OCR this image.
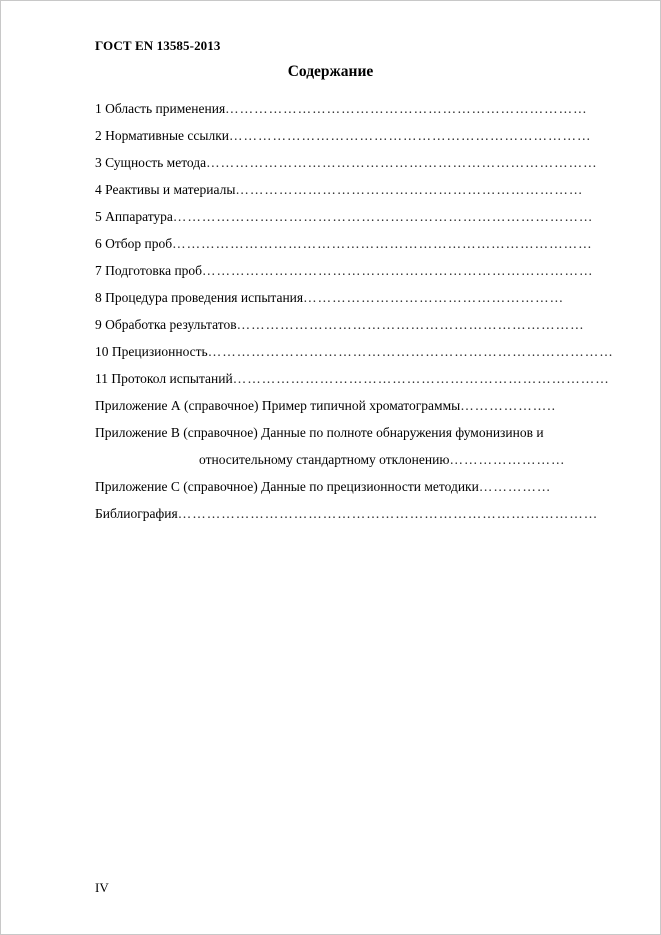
ГОСТ EN 13585-2013
Содержание
1 Область применения…………………………………………………………………
2 Нормативные ссылки…………………………………………………………………
3 Сущность метода………………………………………………………………………
4 Реактивы и материалы………………………………………………………………
5 Аппаратура……………………………………………………………………………
6 Отбор проб……………………………………………………………………………
7 Подготовка проб………………………………………………………………………
8 Процедура проведения испытания………………………………………………
9 Обработка результатов………………………………………………………………
10 Прецизионность…………………………………………………………………………
11 Протокол испытаний……………………………………………………………………
Приложение А (справочное) Пример типичной хроматограммы………………..
Приложение В (справочное) Данные по полноте обнаружения фумонизинов и
относительному стандартному отклонению……………………
Приложение С (справочное) Данные по прецизионности методики……………
Библиография……………………………………………………………………………
IV
